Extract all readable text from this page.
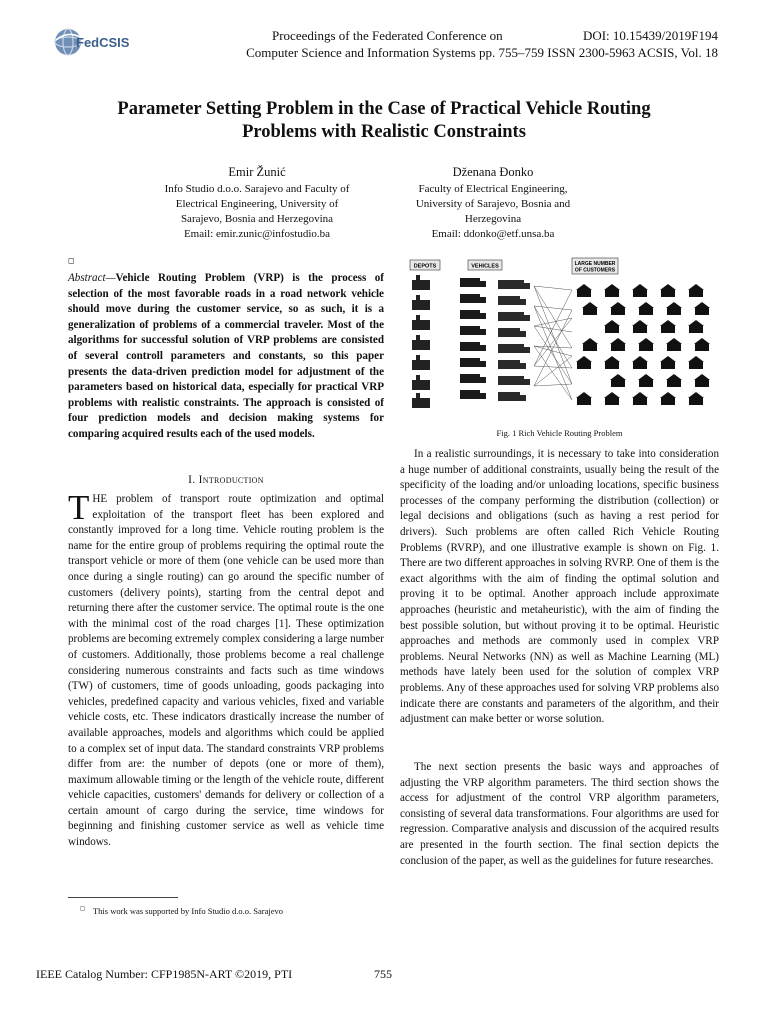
FedCSIS	Proceedings of the Federated Conference on	DOI: 10.15439/2019F194
Computer Science and Information Systems pp. 755–759 ISSN 2300-5963 ACSIS, Vol. 18
Parameter Setting Problem in the Case of Practical Vehicle Routing
Problems with Realistic Constraints
Emir Žunić
Info Studio d.o.o. Sarajevo and Faculty of
Electrical Engineering, University of
Sarajevo, Bosnia and Herzegovina
Email: emir.zunic@infostudio.ba
Dženana Đonko
Faculty of Electrical Engineering,
University of Sarajevo, Bosnia and
Herzegovina
Email: ddonko@etf.unsa.ba
◻
Abstract—Vehicle Routing Problem (VRP) is the process of selection of the most favorable roads in a road network vehicle should move during the customer service, so as such, it is a generalization of problems of a commercial traveler. Most of the algorithms for successful solution of VRP problems are consisted of several controll parameters and constants, so this paper presents the data-driven prediction model for adjustment of the parameters based on historical data, especially for practical VRP problems with realistic constraints. The approach is consisted of four prediction models and decision making systems for comparing acquired results each of the used models.
I. Introduction
THE problem of transport route optimization and optimal exploitation of the transport fleet has been explored and constantly improved for a long time. Vehicle routing problem is the name for the entire group of problems requiring the optimal route the transport vehicle or more of them (one vehicle can be used more than once during a single routing) can go around the specific number of customers (delivery points), starting from the central depot and returning there after the customer service. The optimal route is the one with the minimal cost of the road charges [1]. These optimization problems are becoming extremely complex considering a large number of customers. Additionally, those problems become a real challenge considering numerous constraints and facts such as time windows (TW) of customers, time of goods unloading, goods packaging into vehicles, predefined capacity and various vehicles, fixed and variable vehicle costs, etc. These indicators drastically increase the number of available approaches, models and algorithms which could be applied to a complex set of input data. The standard constraints VRP problems differ from are: the number of depots (one or more of them), maximum allowable timing or the length of the vehicle route, different vehicle capacities, customers' demands for delivery or collection of a certain amount of cargo during the service, time windows for beginning and finishing customer service as well as vehicle time windows.
DEPOTS	VEHICLES	LARGE NUMBER
OF CUSTOMERS
Fig. 1 Rich Vehicle Routing Problem

In a realistic surroundings, it is necessary to take into consideration a huge number of additional constraints, usually being the result of the specificity of the loading and/or unloading locations, specific business processes of the company performing the distribution (collection) or legal decisions and obligations (such as having a rest period for drivers). Such problems are often called Rich Vehicle Routing Problems (RVRP), and one illustrative example is shown on Fig. 1. There are two different approaches in solving RVRP. One of them is the exact algorithms with the aim of finding the optimal solution and proving it to be optimal. Another approach include approximate approaches (heuristic and metaheuristic), with the aim of finding the best possible solution, but without proving it to be optimal. Heuristic approaches and methods are commonly used in complex VRP problems. Neural Networks (NN) as well as Machine Learning (ML) methods have lately been used for the solution of complex VRP problems. Any of these approaches used for solving VRP problems also indicate there are constants and parameters of the algorithm, and their adjustment can make better or worse solution.

The next section presents the basic ways and approaches of adjusting the VRP algorithm parameters. The third section shows the access for adjustment of the control VRP algorithm parameters, consisting of several data transformations. Four algorithms are used for regression. Comparative analysis and discussion of the acquired results are presented in the fourth section. The final section depicts the conclusion of the paper, as well as the guidelines for future researches.

◻ This work was supported by Info Studio d.o.o. Sarajevo
IEEE Catalog Number: CFP1985N-ART ©2019, PTI	755
